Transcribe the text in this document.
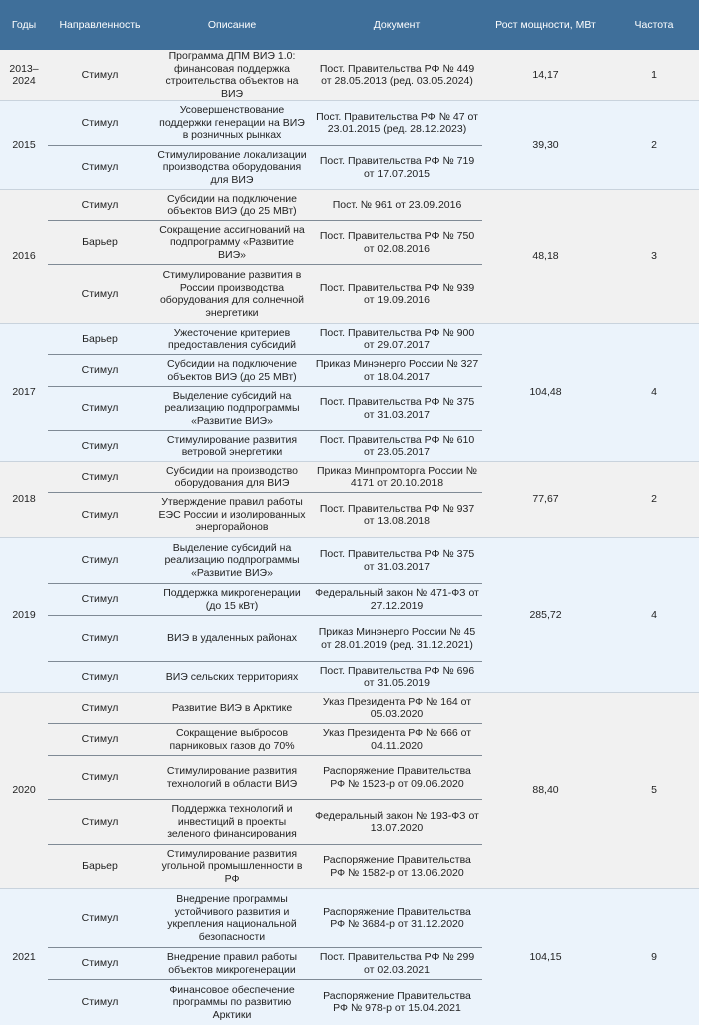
Годы	Направленность	Описание	Документ	Рост мощности, МВт	Частота
2013–2024	Стимул	Программа ДПМ ВИЭ 1.0: финансовая поддержка строительства объектов на ВИЭ	Пост. Правительства РФ № 449 от 28.05.2013 (ред. 03.05.2024)	14,17	1
2015	Стимул	Усовершенствование поддержки генерации на ВИЭ в розничных рынках	Пост. Правительства РФ № 47 от 23.01.2015 (ред. 28.12.2023)	39,30	2
	Стимул	Стимулирование локализации производства оборудования для ВИЭ	Пост. Правительства РФ № 719 от 17.07.2015		
2016	Стимул	Субсидии на подключение объектов ВИЭ (до 25 МВт)	Пост. № 961 от 23.09.2016	48,18	3
	Барьер	Сокращение ассигнований на подпрограмму «Развитие ВИЭ»	Пост. Правительства РФ № 750 от 02.08.2016		
	Стимул	Стимулирование развития в России производства оборудования для солнечной энергетики	Пост. Правительства РФ № 939 от 19.09.2016		
2017	Барьер	Ужесточение критериев предоставления субсидий	Пост. Правительства РФ № 900 от 29.07.2017	104,48	4
	Стимул	Субсидии на подключение объектов ВИЭ (до 25 МВт)	Приказ Минэнерго России № 327 от 18.04.2017		
	Стимул	Выделение субсидий на реализацию подпрограммы «Развитие ВИЭ»	Пост. Правительства РФ № 375 от 31.03.2017		
	Стимул	Стимулирование развития ветровой энергетики	Пост. Правительства РФ № 610 от 23.05.2017		
2018	Стимул	Субсидии на производство оборудования для ВИЭ	Приказ Минпромторга России № 4171 от 20.10.2018	77,67	2
	Стимул	Утверждение правил работы ЕЭС России и изолированных энергорайонов	Пост. Правительства РФ № 937 от 13.08.2018		
2019	Стимул	Выделение субсидий на реализацию подпрограммы «Развитие ВИЭ»	Пост. Правительства РФ № 375 от 31.03.2017	285,72	4
	Стимул	Поддержка микрогенерации (до 15 кВт)	Федеральный закон № 471-ФЗ от 27.12.2019		
	Стимул	ВИЭ в удаленных районах	Приказ Минэнерго России № 45 от 28.01.2019 (ред. 31.12.2021)		
	Стимул	ВИЭ сельских территориях	Пост. Правительства РФ № 696 от 31.05.2019		
2020	Стимул	Развитие ВИЭ в Арктике	Указ Президента РФ № 164 от 05.03.2020	88,40	5
	Стимул	Сокращение выбросов парниковых газов до 70%	Указ Президента РФ № 666 от 04.11.2020		
	Стимул	Стимулирование развития технологий в области ВИЭ	Распоряжение Правительства РФ № 1523-р от 09.06.2020		
	Стимул	Поддержка технологий и инвестиций в проекты зеленого финансирования	Федеральный закон № 193-ФЗ от 13.07.2020		
	Барьер	Стимулирование развития угольной промышленности в РФ	Распоряжение Правительства РФ № 1582-р от 13.06.2020		
2021	Стимул	Внедрение программы устойчивого развития и укрепления национальной безопасности	Распоряжение Правительства РФ № 3684-р от 31.12.2020	104,15	9
	Стимул	Внедрение правил работы объектов микрогенерации	Пост. Правительства РФ № 299 от 02.03.2021		
	Стимул	Финансовое обеспечение программы по развитию Арктики	Распоряжение Правительства РФ № 978-р от 15.04.2021		
